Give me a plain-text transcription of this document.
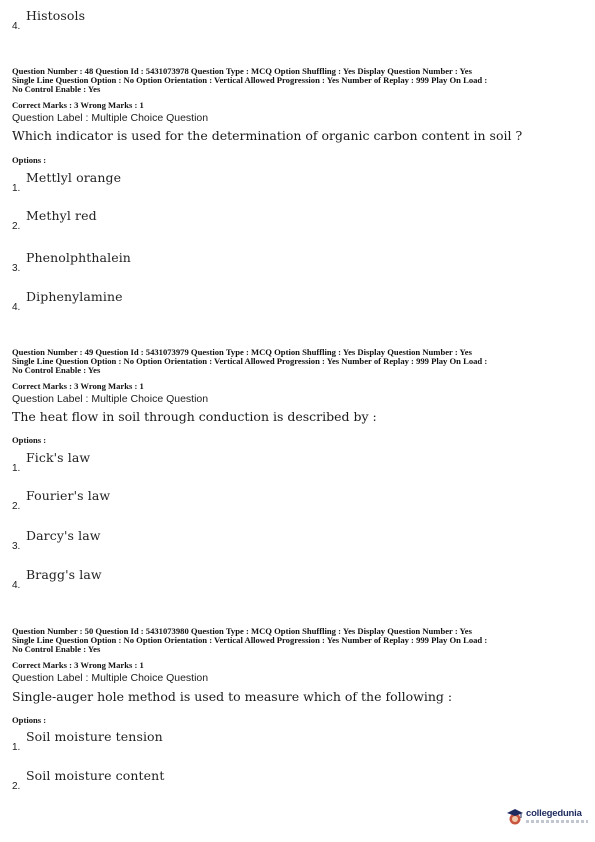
4.
Histosols
Question Number : 48 Question Id : 5431073978 Question Type : MCQ Option Shuffling : Yes Display Question Number : Yes
Single Line Question Option : No Option Orientation : Vertical Allowed Progression : Yes Number of Replay : 999 Play On Load :
No Control Enable : Yes
Correct Marks : 3 Wrong Marks : 1
Question Label : Multiple Choice Question
Which indicator is used for the determination of organic carbon content in soil ?
Options :
1.
Mettlyl orange
2.
Methyl red
3.
Phenolphthalein
4.
Diphenylamine
Question Number : 49 Question Id : 5431073979 Question Type : MCQ Option Shuffling : Yes Display Question Number : Yes
Single Line Question Option : No Option Orientation : Vertical Allowed Progression : Yes Number of Replay : 999 Play On Load :
No Control Enable : Yes
Correct Marks : 3 Wrong Marks : 1
Question Label : Multiple Choice Question
The heat flow in soil through conduction is described by :
Options :
1.
Fick's law
2.
Fourier's law
3.
Darcy's law
4.
Bragg's law
Question Number : 50 Question Id : 5431073980 Question Type : MCQ Option Shuffling : Yes Display Question Number : Yes
Single Line Question Option : No Option Orientation : Vertical Allowed Progression : Yes Number of Replay : 999 Play On Load :
No Control Enable : Yes
Correct Marks : 3 Wrong Marks : 1
Question Label : Multiple Choice Question
Single-auger hole method is used to measure which of the following :
Options :
1.
Soil moisture tension
2.
Soil moisture content
collegedunia
